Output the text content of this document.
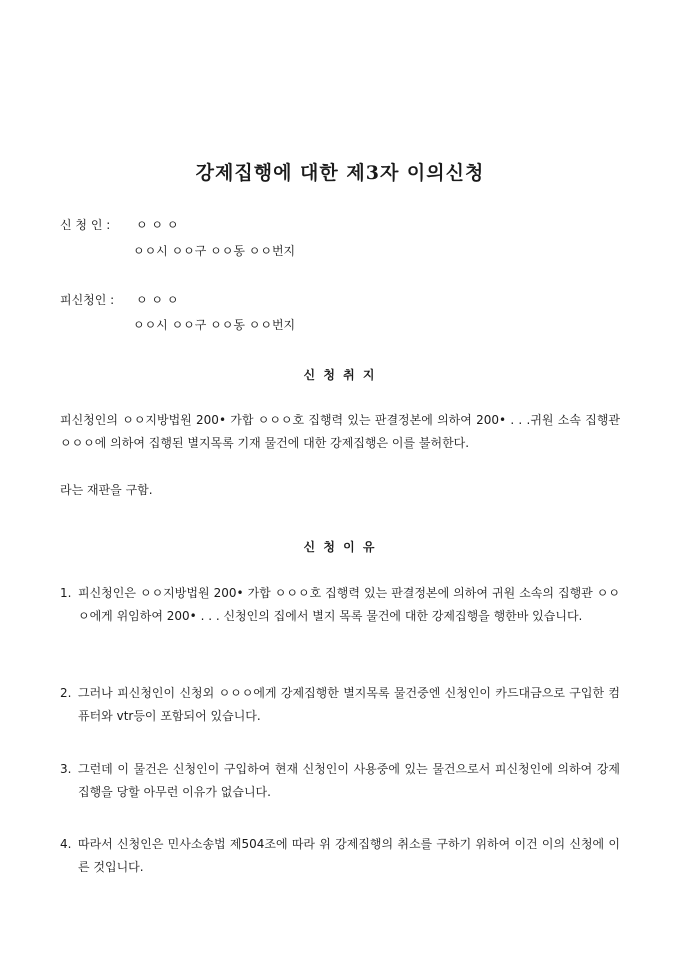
강제집행에 대한 제3자 이의신청
신 청 인 : ㅇ ㅇ ㅇ
ㅇㅇ시 ㅇㅇ구 ㅇㅇ동 ㅇㅇ번지
피신청인 : ㅇ ㅇ ㅇ
ㅇㅇ시 ㅇㅇ구 ㅇㅇ동 ㅇㅇ번지
신 청 취 지
피신청인의 ㅇㅇ지방법원 200• 가합 ㅇㅇㅇ호 집행력 있는 판결정본에 의하여 200• . . .귀원 소속 집행관 ㅇㅇㅇ에 의하여 집행된 별지목록 기재 물건에 대한 강제집행은 이를 불허한다.
라는 재판을 구함.
신 청 이 유
1. 피신청인은 ㅇㅇ지방법원 200• 가합 ㅇㅇㅇ호 집행력 있는 판결정본에 의하여 귀원 소속의 집행관 ㅇㅇㅇ에게 위임하여 200• . . . 신청인의 집에서 별지 목록 물건에 대한 강제집행을 행한바 있습니다.
2. 그러나 피신청인이 신청외 ㅇㅇㅇ에게 강제집행한 별지목록 물건중엔 신청인이 카드대금으로 구입한 컴퓨터와 vtr등이 포함되어 있습니다.
3. 그런데 이 물건은 신청인이 구입하여 현재 신청인이 사용중에 있는 물건으로서 피신청인에 의하여 강제집행을 당할 아무런 이유가 없습니다.
4. 따라서 신청인은 민사소송법 제504조에 따라 위 강제집행의 취소를 구하기 위하여 이건 이의 신청에 이른 것입니다.
